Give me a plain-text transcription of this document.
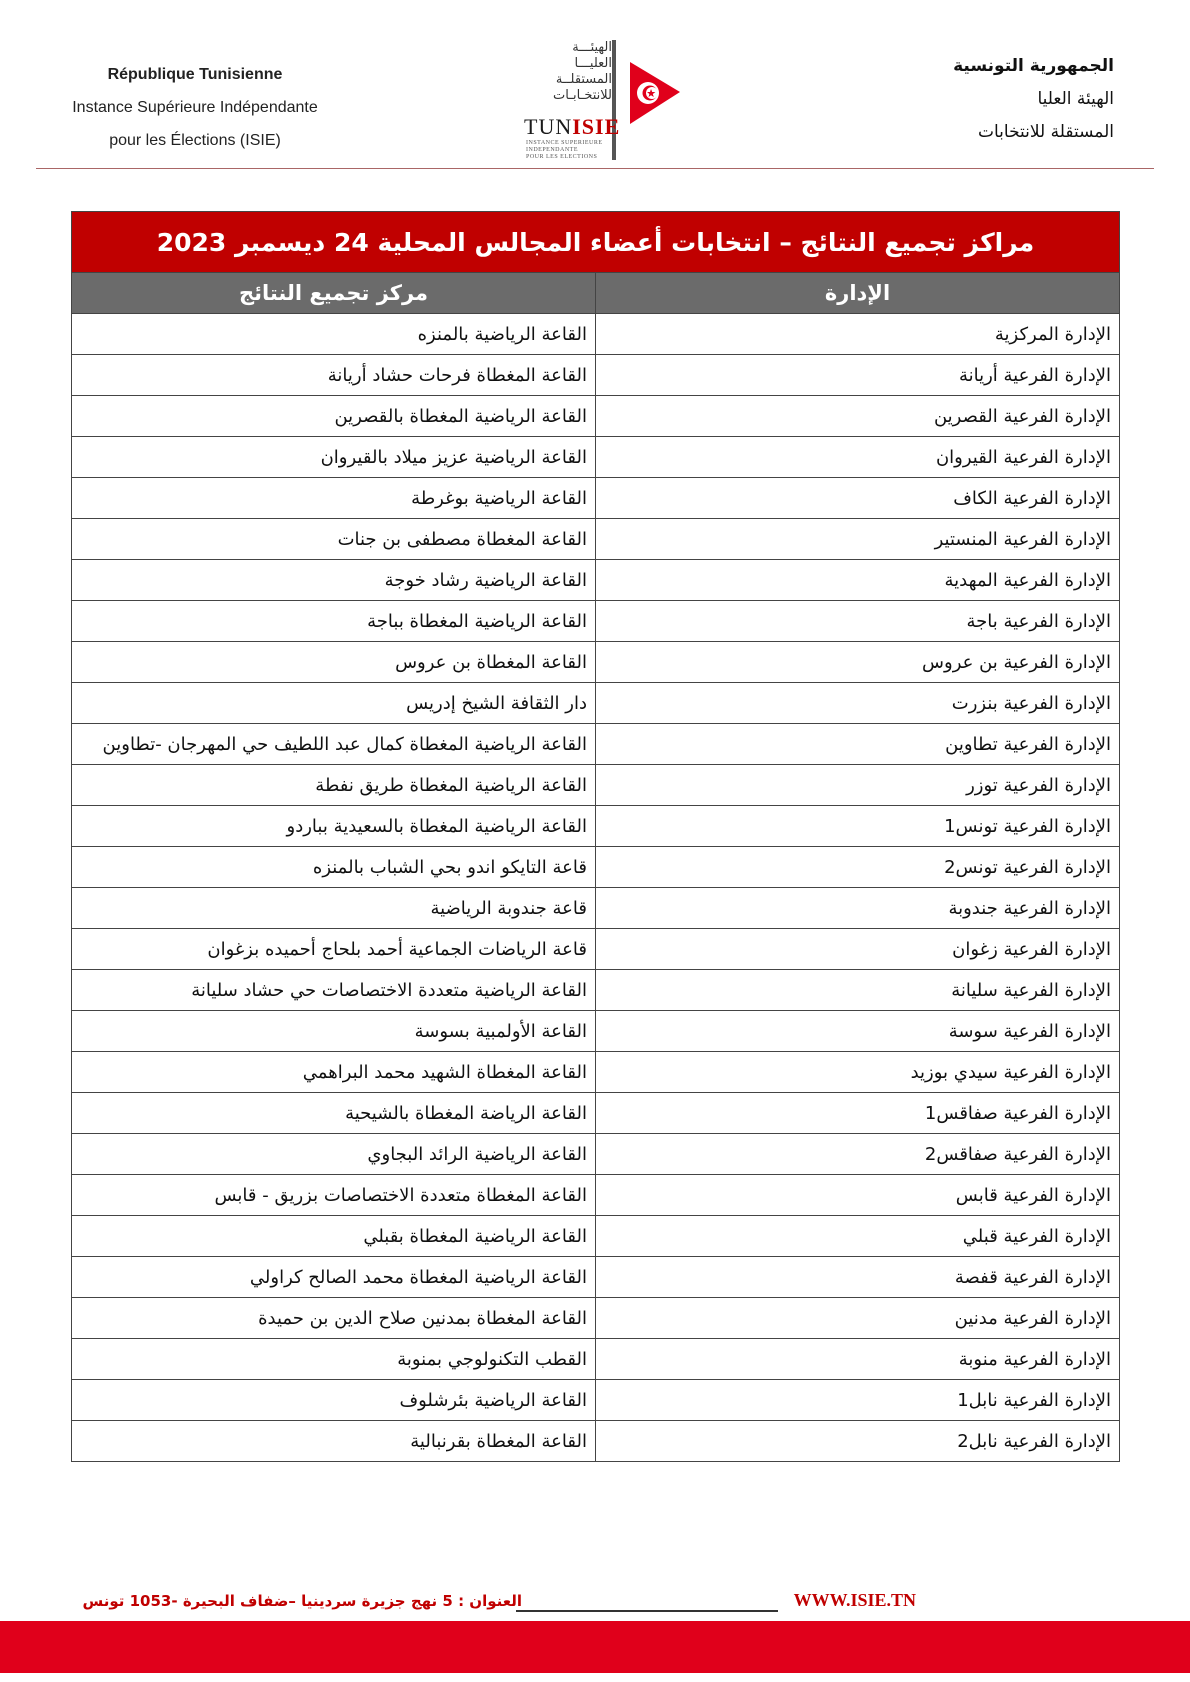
République Tunisienne
Instance Supérieure Indépendante
pour les Élections (ISIE)
الهيئـــة
العليـــا
المستقلــة
للانتخـابـات
TUNISIE
INSTANCE SUPERIEURE
INDEPENDANTE
POUR LES ELECTIONS
الجمهورية التونسية
الهيئة العليا
المستقلة للانتخابات
مراكز تجميع النتائج – انتخابات أعضاء المجالس المحلية 24 ديسمبر 2023	
الإدارة	مركز تجميع النتائج
الإدارة المركزية	القاعة الرياضية بالمنزه
الإدارة الفرعية أريانة	القاعة المغطاة فرحات حشاد أريانة
الإدارة الفرعية القصرين	القاعة الرياضية المغطاة بالقصرين
الإدارة الفرعية القيروان	القاعة الرياضية عزيز ميلاد بالقيروان
الإدارة الفرعية الكاف	القاعة الرياضية بوغرطة
الإدارة الفرعية المنستير	القاعة المغطاة مصطفى بن جنات
الإدارة الفرعية المهدية	القاعة الرياضية رشاد خوجة
الإدارة الفرعية باجة	القاعة الرياضية المغطاة بباجة
الإدارة الفرعية بن عروس	القاعة المغطاة بن عروس
الإدارة الفرعية بنزرت	دار الثقافة الشيخ إدريس
الإدارة الفرعية تطاوين	القاعة الرياضية المغطاة كمال عبد اللطيف حي المهرجان -تطاوين
الإدارة الفرعية توزر	القاعة الرياضية المغطاة طريق نفطة
الإدارة الفرعية تونس1	القاعة الرياضية المغطاة بالسعيدية بباردو
الإدارة الفرعية تونس2	قاعة التايكو اندو بحي الشباب بالمنزه
الإدارة الفرعية جندوبة	قاعة جندوبة الرياضية
الإدارة الفرعية زغوان	قاعة الرياضات الجماعية أحمد بلحاج أحميده بزغوان
الإدارة الفرعية سليانة	القاعة الرياضية متعددة الاختصاصات حي حشاد سليانة
الإدارة الفرعية سوسة	القاعة الأولمبية بسوسة
الإدارة الفرعية سيدي بوزيد	القاعة المغطاة الشهيد محمد البراهمي
الإدارة الفرعية صفاقس1	القاعة الرياضة المغطاة بالشيحية
الإدارة الفرعية صفاقس2	القاعة الرياضية الرائد البجاوي
الإدارة الفرعية قابس	القاعة المغطاة متعددة الاختصاصات بزريق - قابس
الإدارة الفرعية قبلي	القاعة الرياضية المغطاة بقبلي
الإدارة الفرعية قفصة	القاعة الرياضية المغطاة محمد الصالح كراولي
الإدارة الفرعية مدنين	القاعة المغطاة بمدنين صلاح الدين بن حميدة
الإدارة الفرعية منوبة	القطب التكنولوجي بمنوبة
الإدارة الفرعية نابل1	القاعة الرياضية بئرشلوف
الإدارة الفرعية نابل2	القاعة المغطاة بقرنبالية
العنوان : 5 نهج جزيرة سردينيا –ضفاف البحيرة -1053 تونس	WWW.ISIE.TN
